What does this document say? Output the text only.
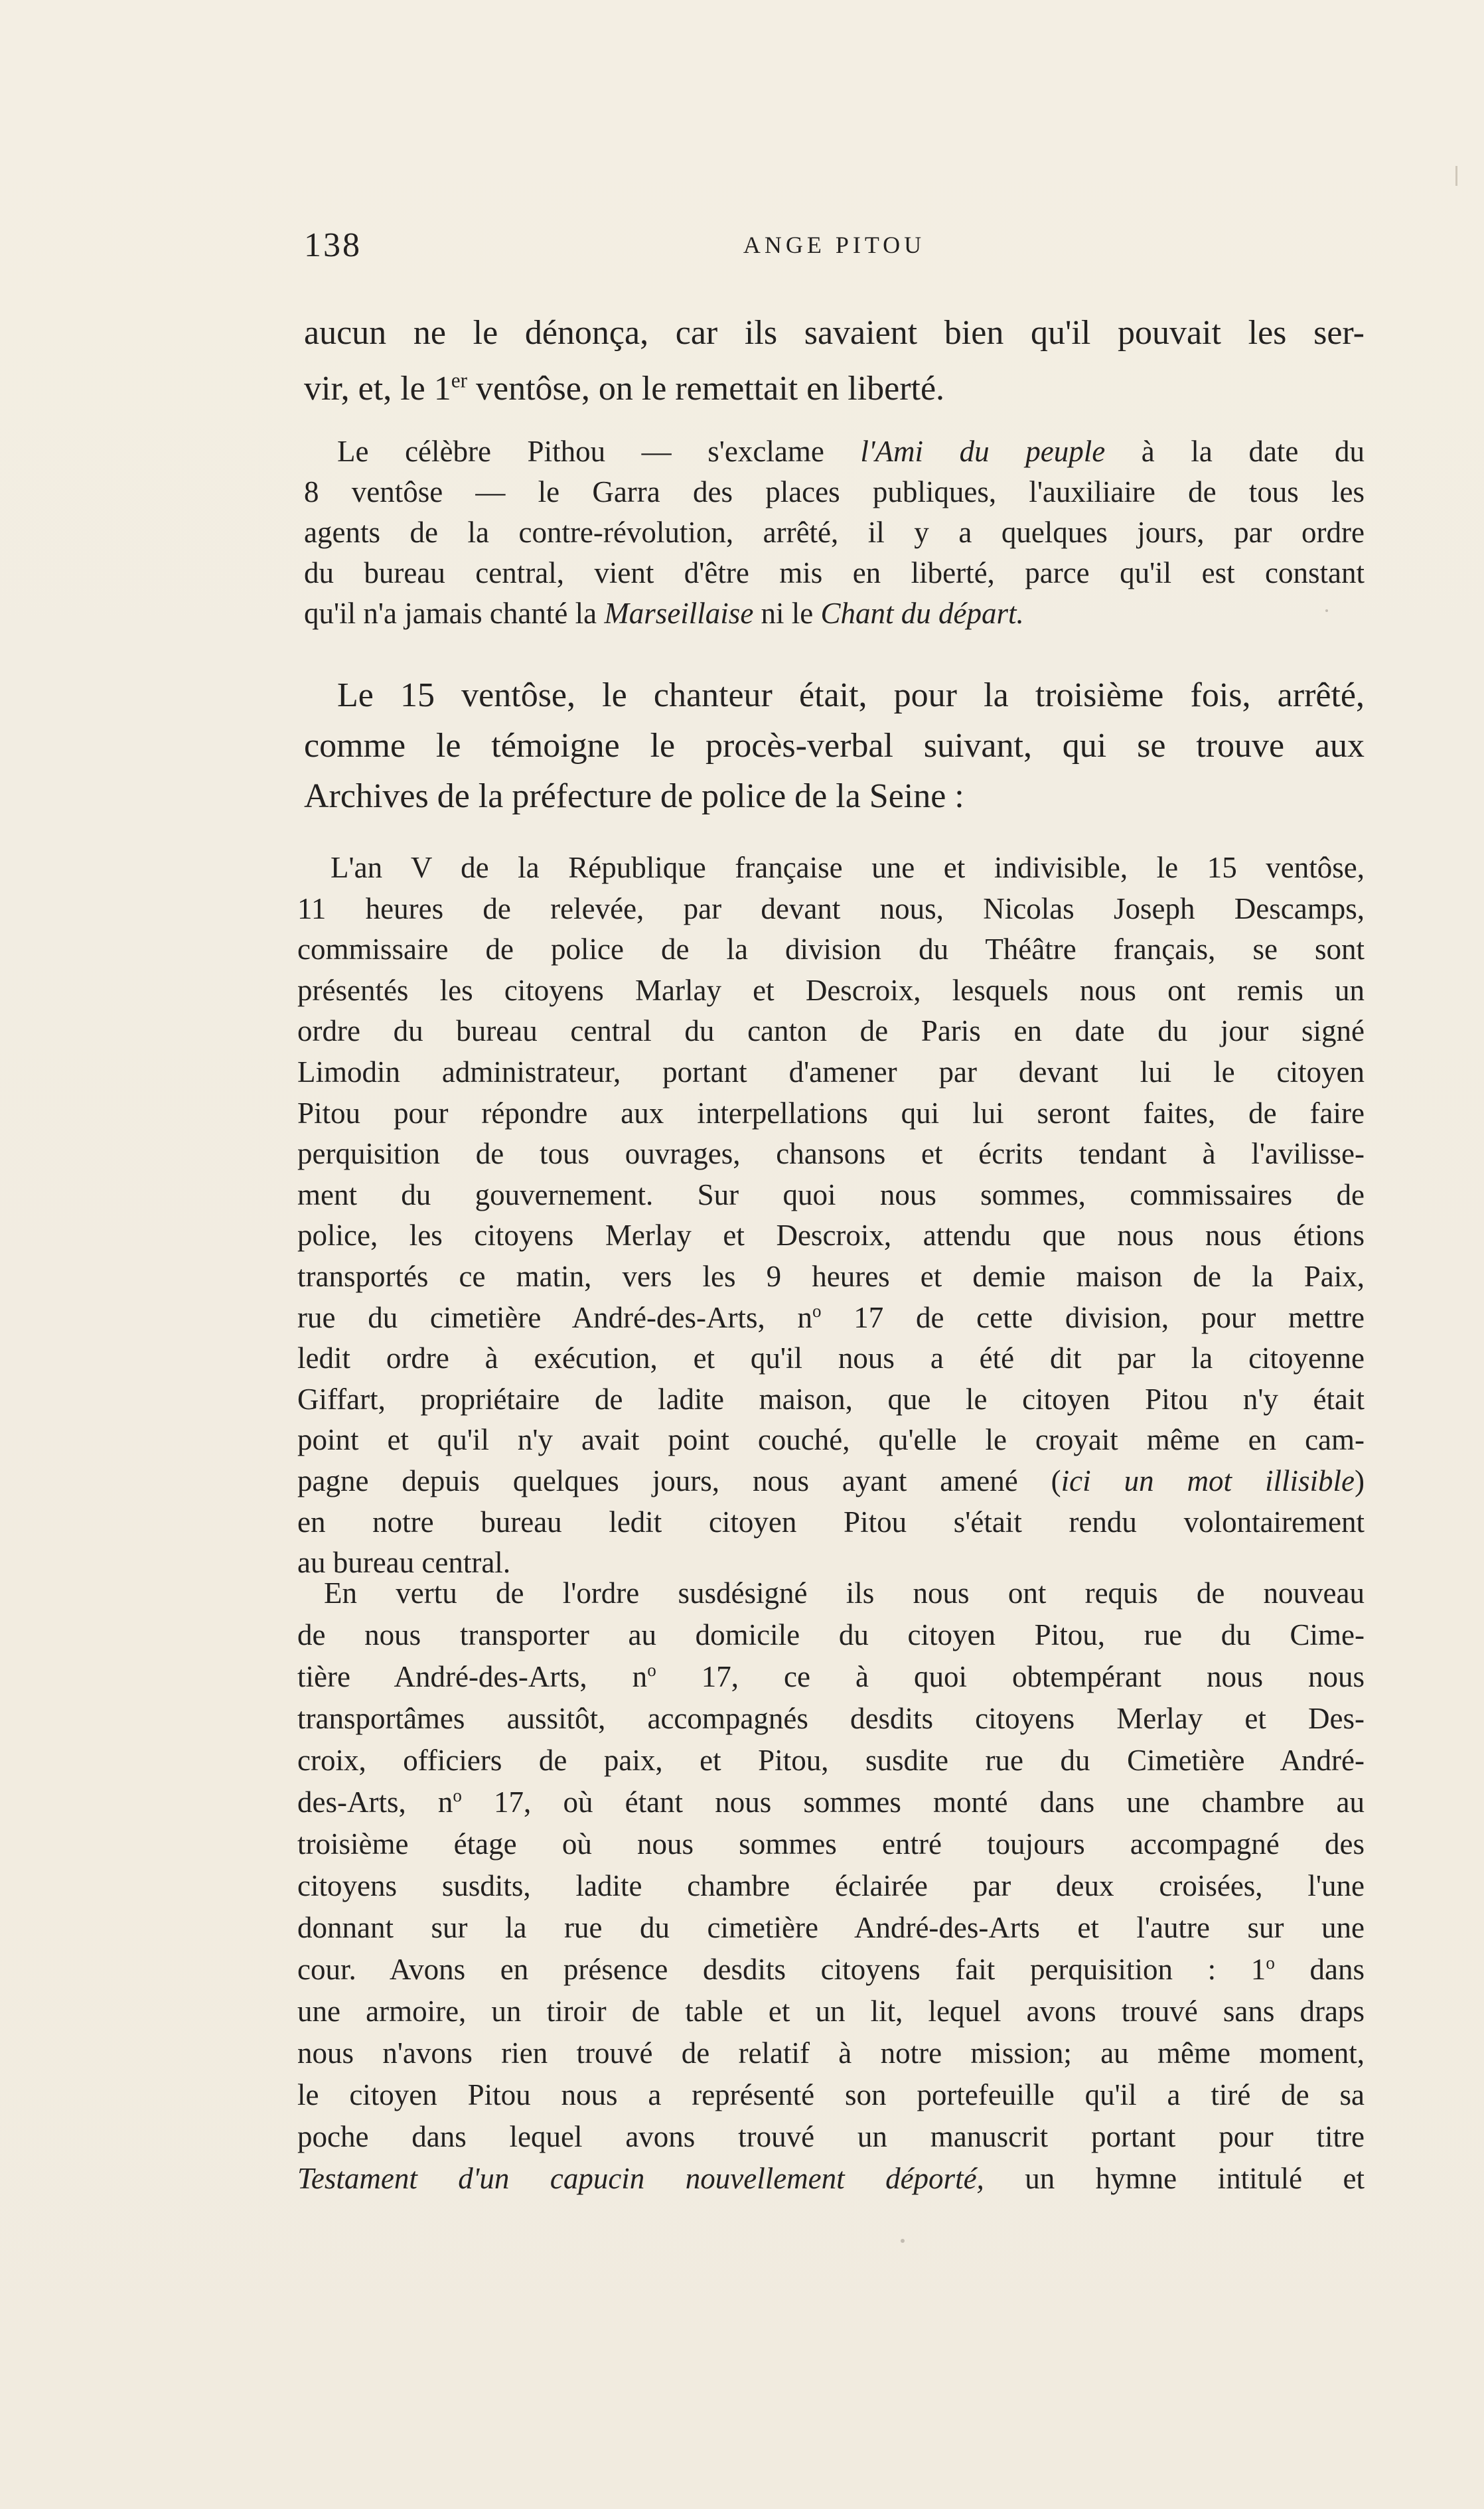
138	ANGE PITOU

aucun ne le dénonça, car ils savaient bien qu'il pouvait les ser-
vir, et, le 1er ventôse, on le remettait en liberté.

Le célèbre Pithou — s'exclame l'Ami du peuple à la date du
8 ventôse — le Garra des places publiques, l'auxiliaire de tous les
agents de la contre-révolution, arrêté, il y a quelques jours, par ordre
du bureau central, vient d'être mis en liberté, parce qu'il est constant
qu'il n'a jamais chanté la Marseillaise ni le Chant du départ.

Le 15 ventôse, le chanteur était, pour la troisième fois, arrêté,
comme le témoigne le procès-verbal suivant, qui se trouve aux
Archives de la préfecture de police de la Seine :

L'an V de la République française une et indivisible, le 15 ventôse,
11 heures de relevée, par devant nous, Nicolas Joseph Descamps,
commissaire de police de la division du Théâtre français, se sont
présentés les citoyens Marlay et Descroix, lesquels nous ont remis un
ordre du bureau central du canton de Paris en date du jour signé
Limodin administrateur, portant d'amener par devant lui le citoyen
Pitou pour répondre aux interpellations qui lui seront faites, de faire
perquisition de tous ouvrages, chansons et écrits tendant à l'avilisse-
ment du gouvernement. Sur quoi nous sommes, commissaires de
police, les citoyens Merlay et Descroix, attendu que nous nous étions
transportés ce matin, vers les 9 heures et demie maison de la Paix,
rue du cimetière André-des-Arts, $n^o$ 17 de cette division, pour mettre
ledit ordre à exécution, et qu'il nous a été dit par la citoyenne
Giffart, propriétaire de ladite maison, que le citoyen Pitou n'y était
point et qu'il n'y avait point couché, qu'elle le croyait même en cam-
pagne depuis quelques jours, nous ayant amené (ici un mot illisible)
en notre bureau ledit citoyen Pitou s'était rendu volontairement
au bureau central.

En vertu de l'ordre susdésigné ils nous ont requis de nouveau
de nous transporter au domicile du citoyen Pitou, rue du Cime-
tière André-des-Arts, $n^o$ 17, ce à quoi obtempérant nous nous
transportâmes aussitôt, accompagnés desdits citoyens Merlay et Des-
croix, officiers de paix, et Pitou, susdite rue du Cimetière André-
des-Arts, $n^o$ 17, où étant nous sommes monté dans une chambre au
troisième étage où nous sommes entré toujours accompagné des
citoyens susdits, ladite chambre éclairée par deux croisées, l'une
donnant sur la rue du cimetière André-des-Arts et l'autre sur une
cour. Avons en présence desdits citoyens fait perquisition : 1$^o$ dans
une armoire, un tiroir de table et un lit, lequel avons trouvé sans draps
nous n'avons rien trouvé de relatif à notre mission; au même moment,
le citoyen Pitou nous a représenté son portefeuille qu'il a tiré de sa
poche dans lequel avons trouvé un manuscrit portant pour titre
Testament d'un capucin nouvellement déporté, un hymne intitulé et
